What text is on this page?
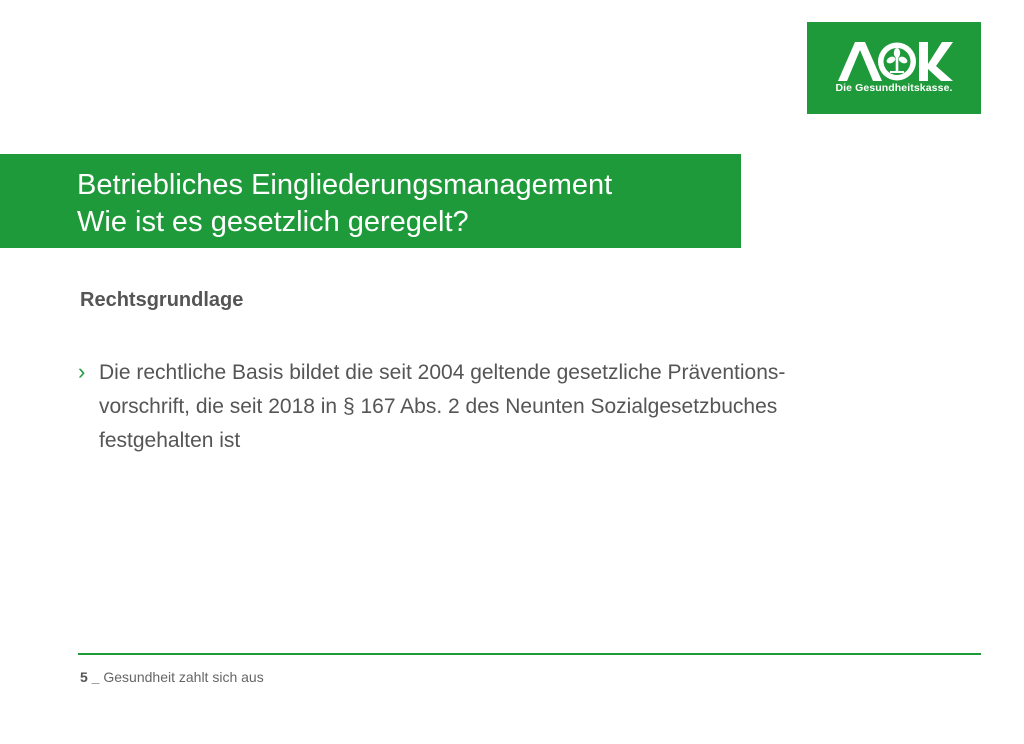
Die Gesundheitskasse.
Betriebliches Eingliederungsmanagement
Wie ist es gesetzlich geregelt?
Rechtsgrundlage
› Die rechtliche Basis bildet die seit 2004 geltende gesetzliche Präventions-
vorschrift, die seit 2018 in § 167 Abs. 2 des Neunten Sozialgesetzbuches
festgehalten ist
5 _ Gesundheit zahlt sich aus
